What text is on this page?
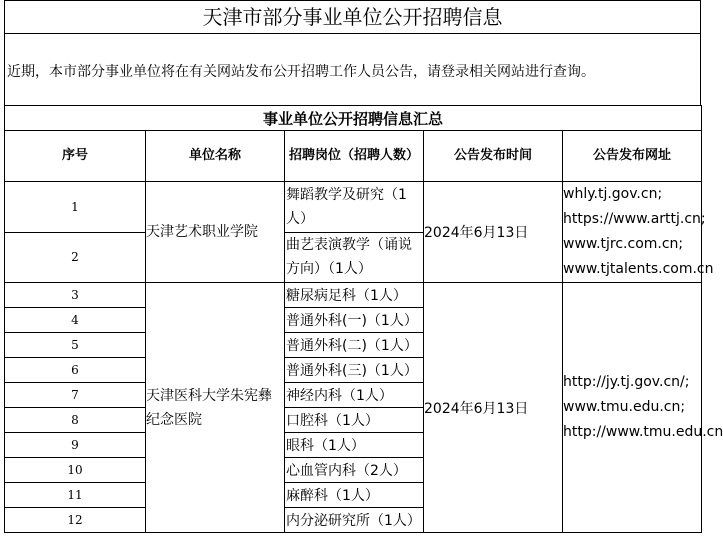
天津市部分事业单位公开招聘信息
近期，本市部分事业单位将在有关网站发布公开招聘工作人员公告，请登录相关网站进行查询。
事业单位公开招聘信息汇总				
序号	单位名称	招聘岗位（招聘人数）	公告发布时间	公告发布网址
1	天津艺术职业学院	舞蹈教学及研究（1人）	2024年6月13日	whly.tj.gov.cn;
https://www.arttj.cn;
www.tjrc.com.cn;
www.tjtalents.com.cn

2		曲艺表演教学（诵说方向）（1人）		
3	天津医科大学朱宪彝纪念医院	糖尿病足科（1人）	2024年6月13日	http://jy.tj.gov.cn/;
www.tmu.edu.cn;
http://www.tmu.edu.cn

4		普通外科(一)（1人）		
5		普通外科(二)（1人）		
6		普通外科(三)（1人）		
7		神经内科（1人）		
8		口腔科（1人）		
9		眼科（1人）		
10		心血管内科（2人）		
11		麻醉科（1人）		
12		内分泌研究所（1人）		
